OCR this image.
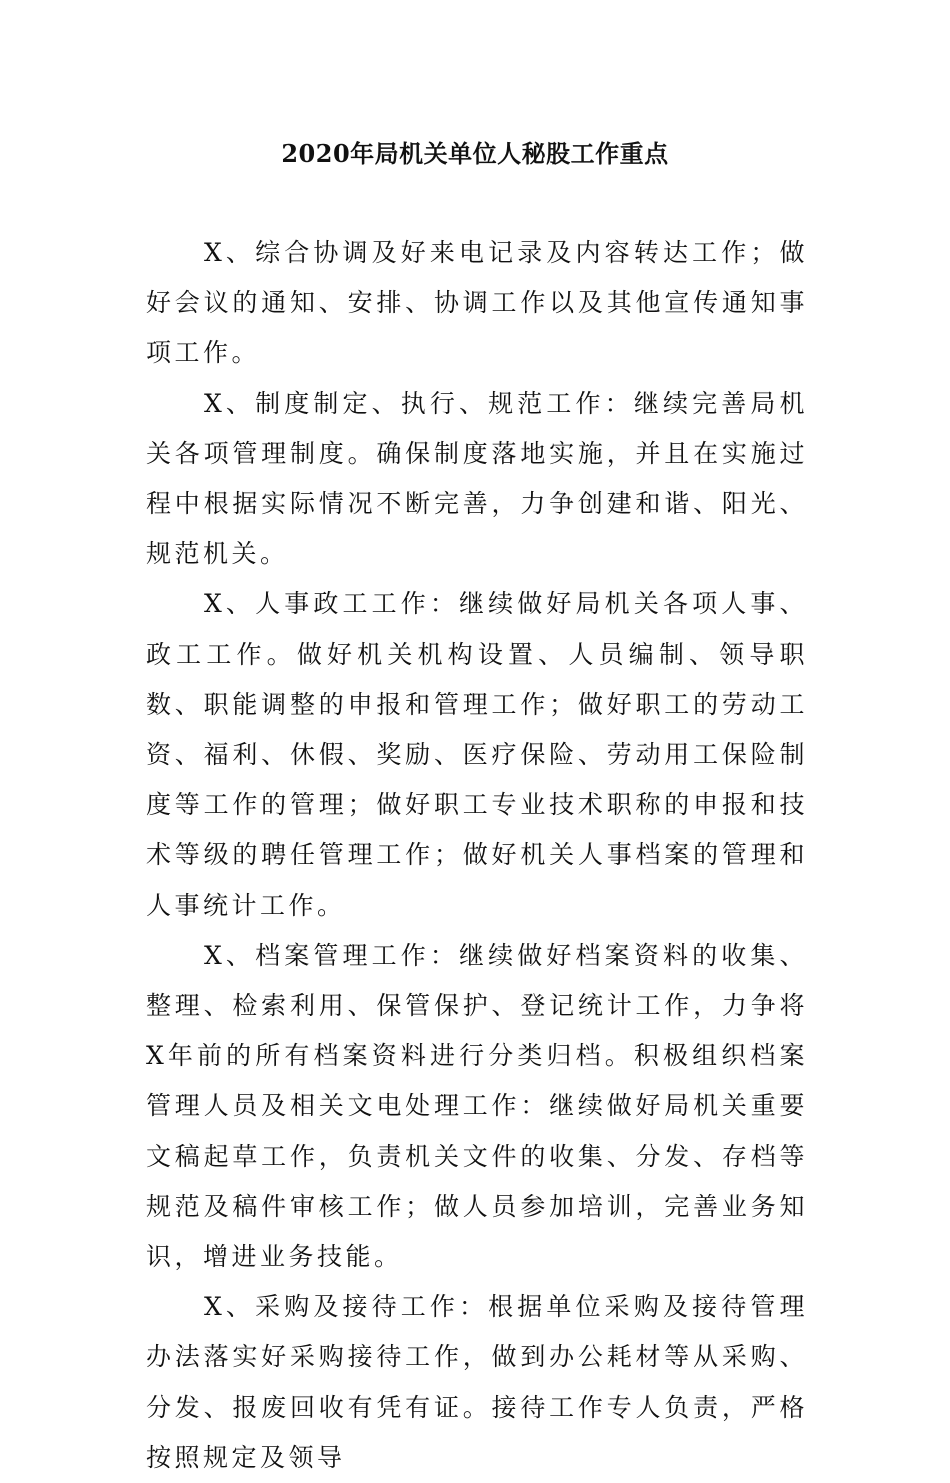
2020年局机关单位人秘股工作重点

X、综合协调及好来电记录及内容转达工作；做好会议的通知、安排、协调工作以及其他宣传通知事项工作。

X、制度制定、执行、规范工作：继续完善局机关各项管理制度。确保制度落地实施，并且在实施过程中根据实际情况不断完善，力争创建和谐、阳光、规范机关。

X、人事政工工作：继续做好局机关各项人事、政工工作。做好机关机构设置、人员编制、领导职数、职能调整的申报和管理工作；做好职工的劳动工资、福利、休假、奖励、医疗保险、劳动用工保险制度等工作的管理；做好职工专业技术职称的申报和技术等级的聘任管理工作；做好机关人事档案的管理和人事统计工作。

X、档案管理工作：继续做好档案资料的收集、整理、检索利用、保管保护、登记统计工作，力争将X年前的所有档案资料进行分类归档。积极组织档案管理人员及相关文电处理工作：继续做好局机关重要文稿起草工作，负责机关文件的收集、分发、存档等规范及稿件审核工作；做人员参加培训，完善业务知识，增进业务技能。

X、采购及接待工作：根据单位采购及接待管理办法落实好采购接待工作，做到办公耗材等从采购、分发、报废回收有凭有证。接待工作专人负责，严格按照规定及领导
